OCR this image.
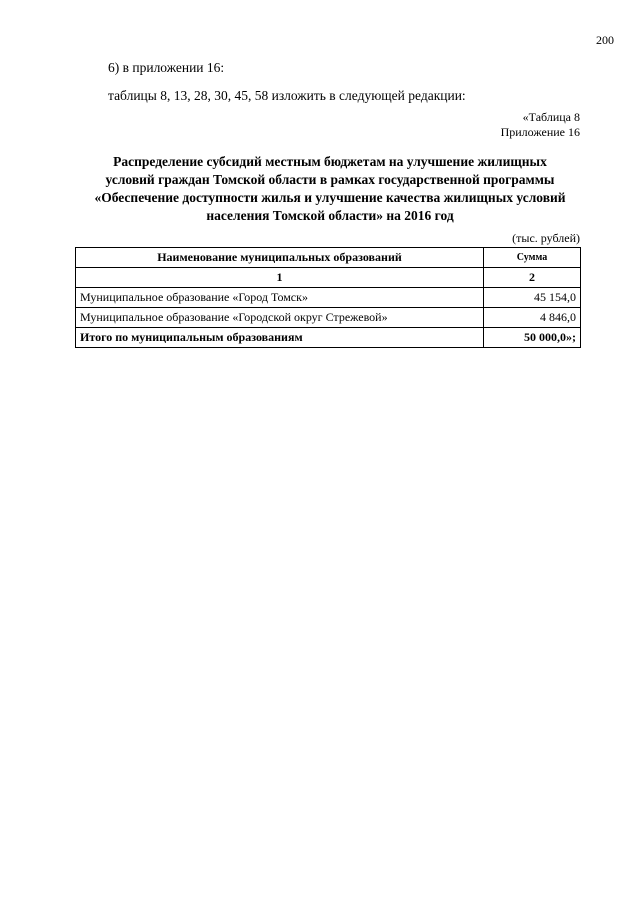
200
6) в приложении 16:
таблицы 8, 13, 28, 30, 45, 58 изложить в следующей редакции:
«Таблица 8
Приложение 16
Распределение субсидий местным бюджетам на улучшение жилищных
условий граждан Томской области в рамках государственной программы
«Обеспечение доступности жилья и улучшение качества жилищных условий
населения Томской области» на 2016 год
(тыс. рублей)
Наименование муниципальных образований	Сумма
1	2
Муниципальное образование «Город Томск»	45 154,0
Муниципальное образование «Городской округ Стрежевой»	4 846,0
Итого по муниципальным образованиям	50 000,0»;
